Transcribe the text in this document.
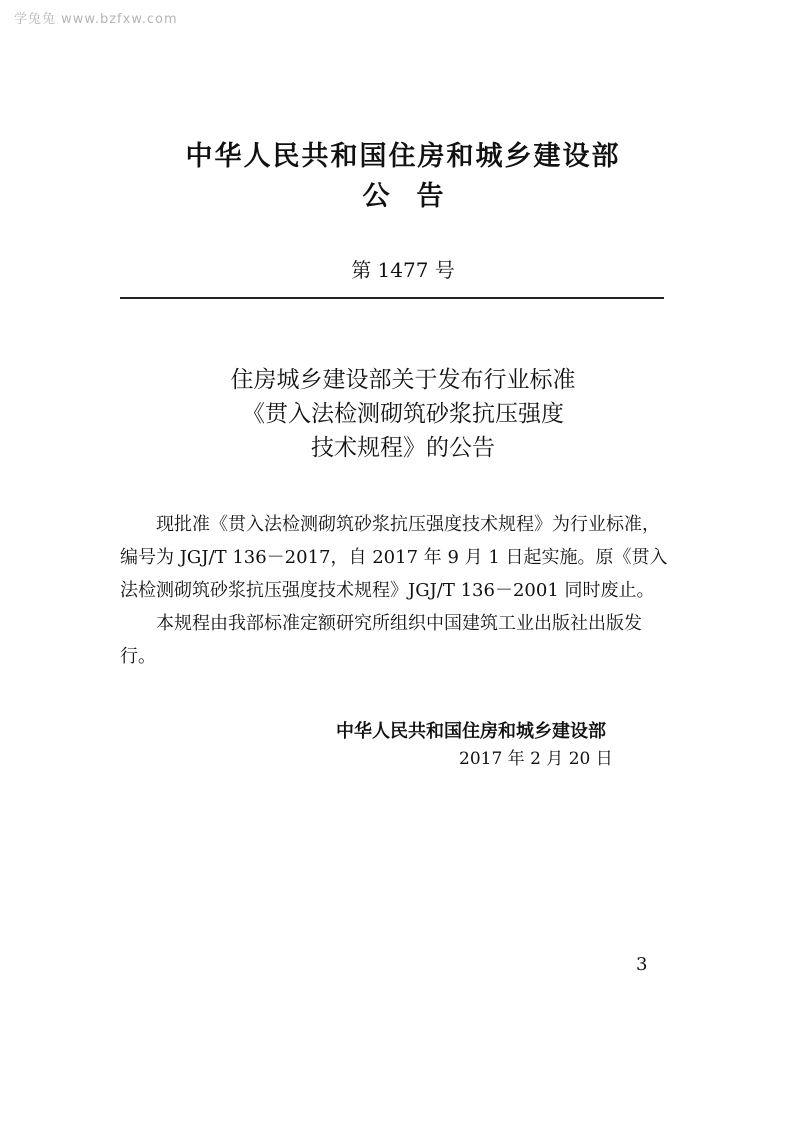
学兔兔 www.bzfxw.com
中华人民共和国住房和城乡建设部
公　告
第 1477 号
住房城乡建设部关于发布行业标准
《贯入法检测砌筑砂浆抗压强度
技术规程》的公告

现批准《贯入法检测砌筑砂浆抗压强度技术规程》为行业标准，编号为 JGJ/T 136－2017，自 2017 年 9 月 1 日起实施。原《贯入法检测砌筑砂浆抗压强度技术规程》JGJ/T 136－2001 同时废止。

本规程由我部标准定额研究所组织中国建筑工业出版社出版发行。

中华人民共和国住房和城乡建设部
2017 年 2 月 20 日
3
